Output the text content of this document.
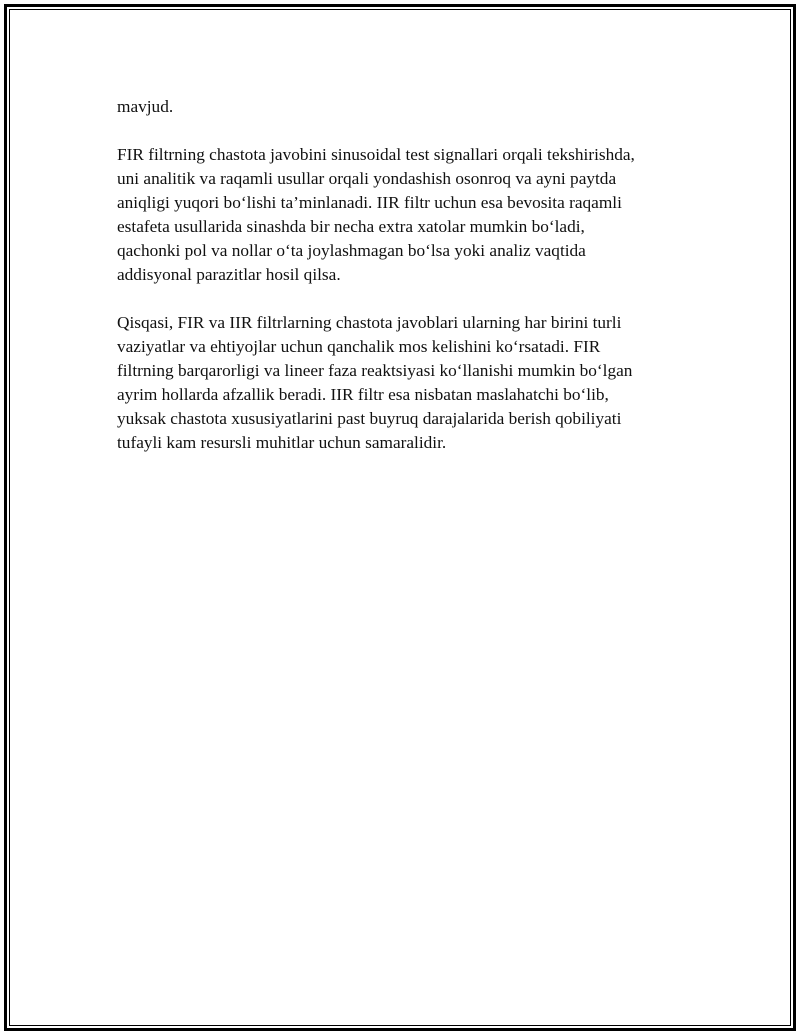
mavjud.

FIR filtrning chastota javobini sinusoidal test signallari orqali tekshirishda,
uni analitik va raqamli usullar orqali yondashish osonroq va ayni paytda
aniqligi yuqori bo‘lishi ta’minlanadi. IIR filtr uchun esa bevosita raqamli
estafeta usullarida sinashda bir necha extra xatolar mumkin bo‘ladi,
qachonki pol va nollar o‘ta joylashmagan bo‘lsa yoki analiz vaqtida
addisyonal parazitlar hosil qilsa.

Qisqasi, FIR va IIR filtrlarning chastota javoblari ularning har birini turli
vaziyatlar va ehtiyojlar uchun qanchalik mos kelishini ko‘rsatadi. FIR
filtrning barqarorligi va lineer faza reaktsiyasi ko‘llanishi mumkin bo‘lgan
ayrim hollarda afzallik beradi. IIR filtr esa nisbatan maslahatchi bo‘lib,
yuksak chastota xususiyatlarini past buyruq darajalarida berish qobiliyati
tufayli kam resursli muhitlar uchun samaralidir.
